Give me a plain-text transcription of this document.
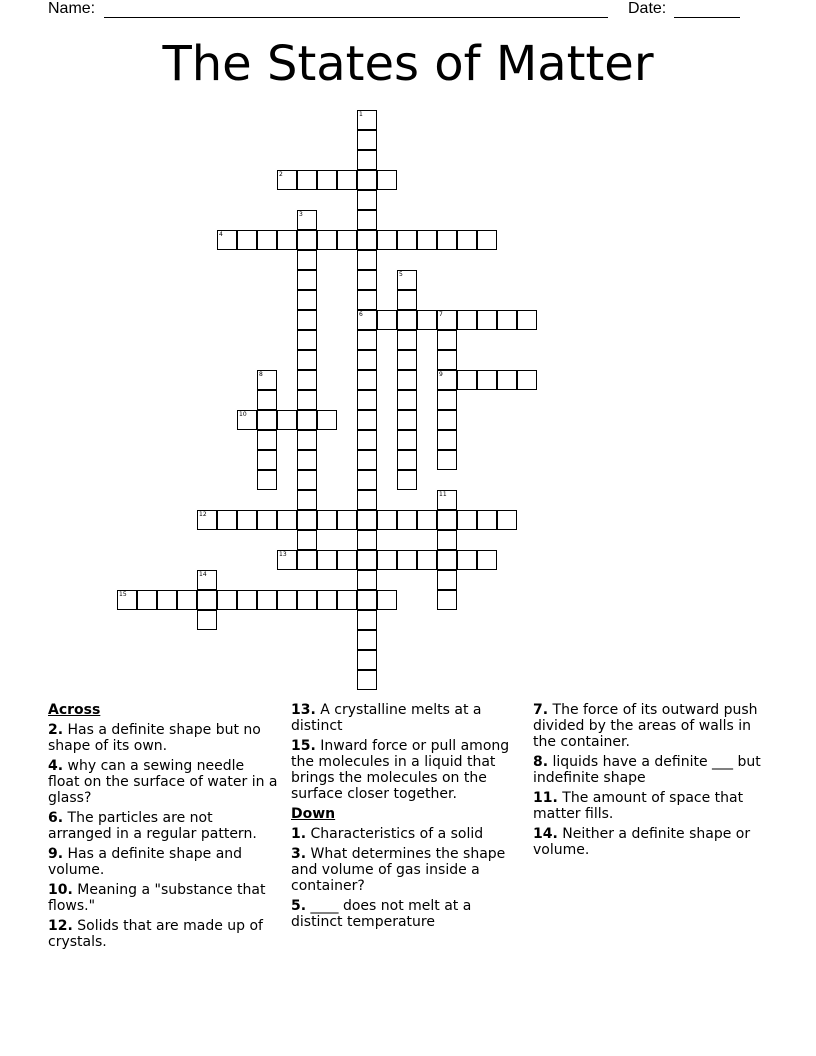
Name:	Date:
The States of Matter
2
4
6	7
9
10
12
13
15
1
3
5
8
11
14
Across
2. Has a definite shape but no shape of its own.
4. why can a sewing needle float on the surface of water in a glass?
6. The particles are not arranged in a regular pattern.
9. Has a definite shape and volume.
10. Meaning a "substance that flows."
12. Solids that are made up of crystals.
13. A crystalline melts at a distinct
15. Inward force or pull among the molecules in a liquid that brings the molecules on the surface closer together.
Down
1. Characteristics of a solid
3. What determines the shape and volume of gas inside a container?
5. ____ does not melt at a distinct temperature
7. The force of its outward push divided by the areas of walls in the container.
8. liquids have a definite ___ but indefinite shape
11. The amount of space that matter fills.
14. Neither a definite shape or volume.
